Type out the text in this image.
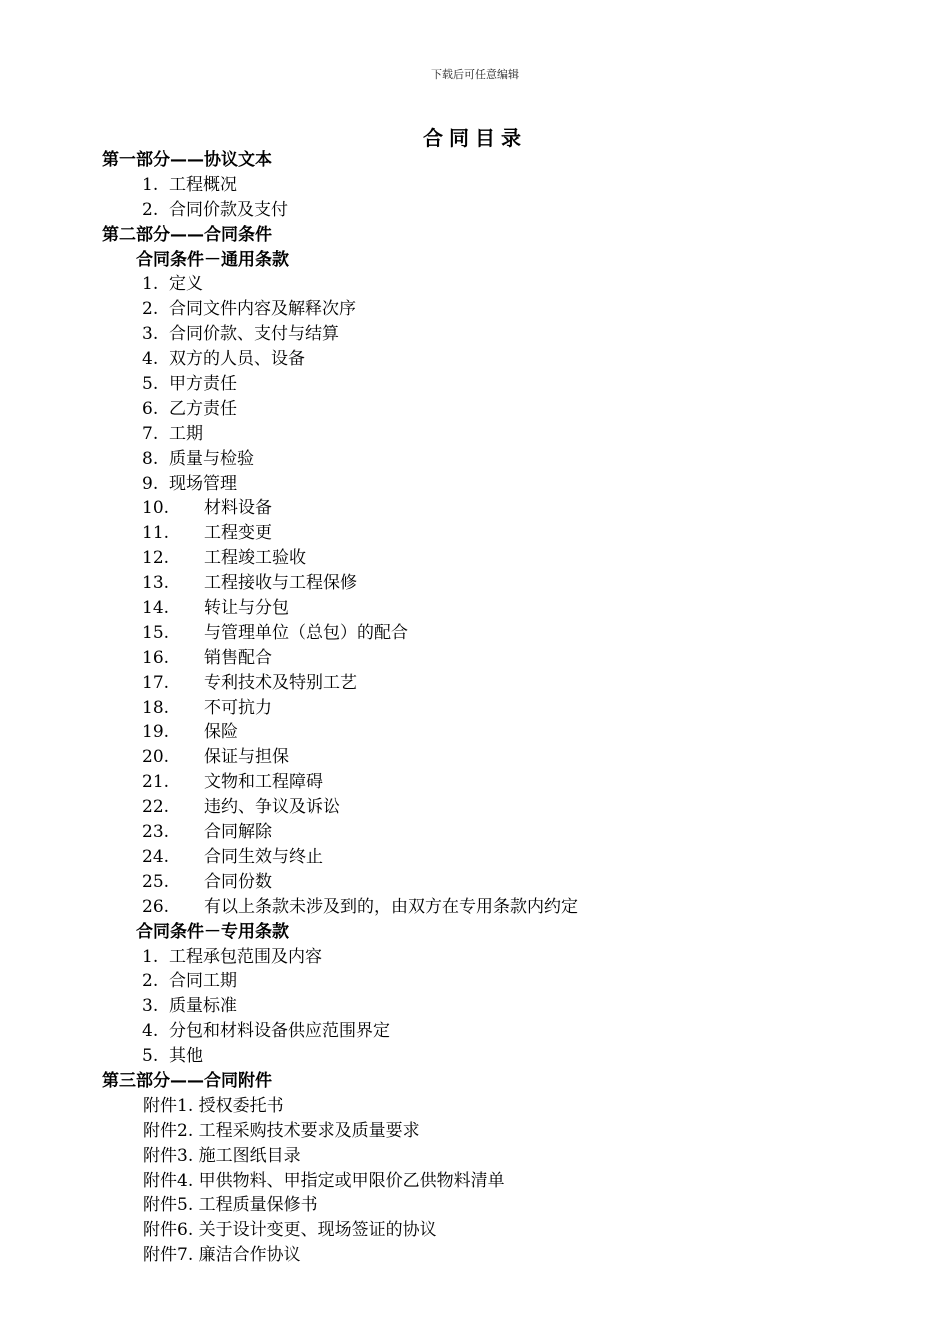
下载后可任意编辑
合同目录
第一部分——协议文本
1. 工程概况
2. 合同价款及支付
第二部分——合同条件
合同条件－通用条款
1. 定义
2. 合同文件内容及解释次序
3. 合同价款、支付与结算
4. 双方的人员、设备
5. 甲方责任
6. 乙方责任
7. 工期
8. 质量与检验
9. 现场管理
10. 材料设备
11. 工程变更
12. 工程竣工验收
13. 工程接收与工程保修
14. 转让与分包
15. 与管理单位（总包）的配合
16. 销售配合
17. 专利技术及特别工艺
18. 不可抗力
19. 保险
20. 保证与担保
21. 文物和工程障碍
22. 违约、争议及诉讼
23. 合同解除
24. 合同生效与终止
25. 合同份数
26. 有以上条款未涉及到的，由双方在专用条款内约定
合同条件－专用条款
1. 工程承包范围及内容
2. 合同工期
3. 质量标准
4. 分包和材料设备供应范围界定
5. 其他
第三部分——合同附件
附件1. 授权委托书
附件2. 工程采购技术要求及质量要求
附件3. 施工图纸目录
附件4. 甲供物料、甲指定或甲限价乙供物料清单
附件5. 工程质量保修书
附件6. 关于设计变更、现场签证的协议
附件7. 廉洁合作协议
